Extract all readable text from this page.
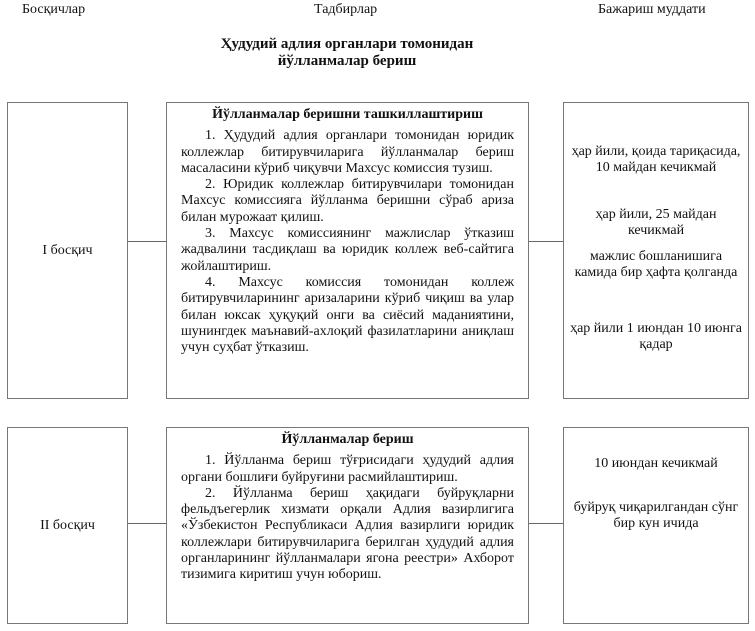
Босқичлар	Тадбирлар	Бажариш муддати
Ҳудудий адлия органлари томонидан
йўлланмалар бериш
I босқич
Йўлланмалар беришни ташкиллаштириш

1. Ҳудудий адлия органлари томонидан юридик коллежлар битирувчиларига йўлланмалар бериш масаласини кўриб чиқувчи Махсус комиссия тузиш.

2. Юридик коллежлар битирувчилари томонидан Махсус комиссияга йўлланма беришни сўраб ариза билан мурожаат қилиш.

3. Махсус комиссиянинг мажлислар ўтказиш жадвалини тасдиқлаш ва юридик коллеж веб-сайтига жойлаштириш.

4. Махсус комиссия томонидан коллеж битирувчиларининг аризаларини кўриб чиқиш ва улар билан юксак ҳуқуқий онги ва сиёсий маданиятини, шунингдек маънавий-ахлоқий фазилатларини аниқлаш учун суҳбат ўтказиш.

ҳар йили, қоида тариқасида, 10 майдан кечикмай
ҳар йили, 25 майдан кечикмай
мажлис бошланишига камида бир ҳафта қолганда
ҳар йили 1 июндан 10 июнга қадар
II босқич
Йўлланмалар бериш

1. Йўлланма бериш тўғрисидаги ҳудудий адлия органи бошлиғи буйруғини расмийлаштириш.

2. Йўлланма бериш ҳақидаги буйруқларни фельдъегерлик хизмати орқали Адлия вазирлигига «Ўзбекистон Республикаси Адлия вазирлиги юридик коллежлари битирувчиларига берилган ҳудудий адлия органларининг йўлланмалари ягона реестри» Ахборот тизимига киритиш учун юбориш.

10 июндан кечикмай
буйруқ чиқарилгандан сўнг бир кун ичида
